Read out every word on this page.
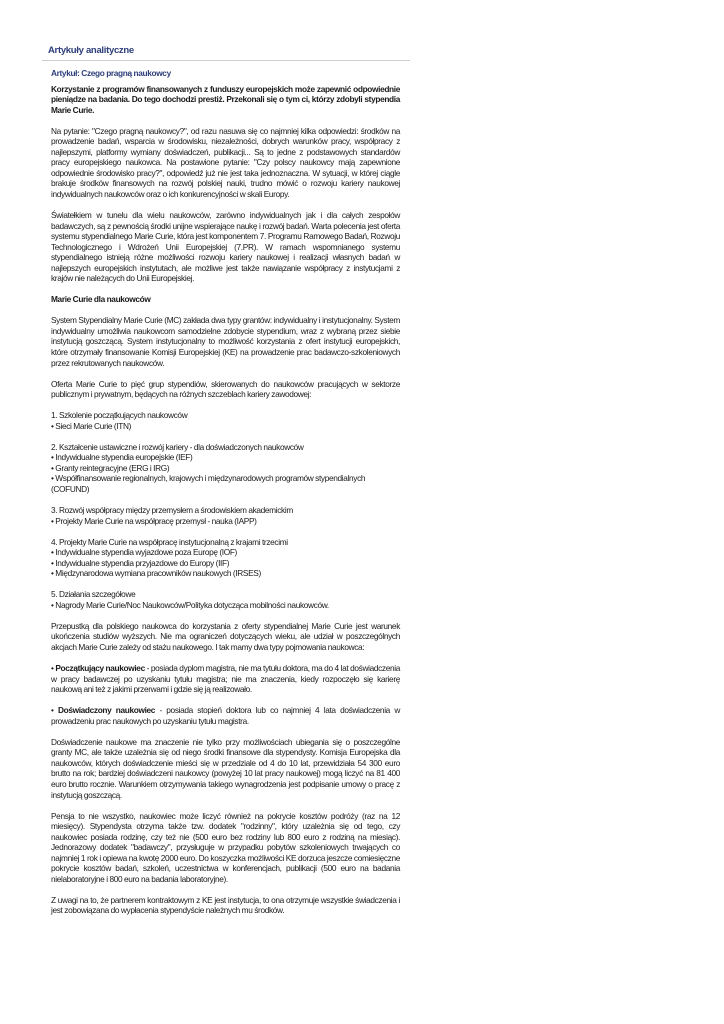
Artykuły analityczne

Artykuł: Czego pragną naukowcy

Korzystanie z programów finansowanych z funduszy europejskich może zapewnić odpowiednie pieniądze na badania. Do tego dochodzi prestiż. Przekonali się o tym ci, którzy zdobyli stypendia Marie Curie.

Na pytanie: "Czego pragną naukowcy?", od razu nasuwa się co najmniej kilka odpowiedzi: środków na prowadzenie badań, wsparcia w środowisku, niezależności, dobrych warunków pracy, współpracy z najlepszymi, platformy wymiany doświadczeń, publikacji... Są to jedne z podstawowych standardów pracy europejskiego naukowca. Na postawione pytanie: "Czy polscy naukowcy mają zapewnione odpowiednie środowisko pracy?", odpowiedź już nie jest taka jednoznaczna. W sytuacji, w której ciągle brakuje środków finansowych na rozwój polskiej nauki, trudno mówić o rozwoju kariery naukowej indywidualnych naukowców oraz o ich konkurencyjności w skali Europy.

Światełkiem w tunelu dla wielu naukowców, zarówno indywidualnych jak i dla całych zespołów badawczych, są z pewnością środki unijne wspierające naukę i rozwój badań. Warta polecenia jest oferta systemu stypendialnego Marie Curie, która jest komponentem 7. Programu Ramowego Badań, Rozwoju Technologicznego i Wdrożeń Unii Europejskiej (7.PR). W ramach wspomnianego systemu stypendialnego istnieją różne możliwości rozwoju kariery naukowej i realizacji własnych badań w najlepszych europejskich instytutach, ale możliwe jest także nawiązanie współpracy z instytucjami z krajów nie należących do Unii Europejskiej.

Marie Curie dla naukowców

System Stypendialny Marie Curie (MC) zakłada dwa typy grantów: indywidualny i instytucjonalny. System indywidualny umożliwia naukowcom samodzielne zdobycie stypendium, wraz z wybraną przez siebie instytucją goszczącą. System instytucjonalny to możliwość korzystania z ofert instytucji europejskich, które otrzymały finansowanie Komisji Europejskiej (KE) na prowadzenie prac badawczo-szkoleniowych przez rekrutowanych naukowców.

Oferta Marie Curie to pięć grup stypendiów, skierowanych do naukowców pracujących w sektorze publicznym i prywatnym, będących na różnych szczeblach kariery zawodowej:

1. Szkolenie początkujących naukowców
• Sieci Marie Curie (ITN)
2. Kształcenie ustawiczne i rozwój kariery - dla doświadczonych naukowców
• Indywidualne stypendia europejskie (IEF)
• Granty reintegracyjne (ERG i IRG)
• Współfinansowanie regionalnych, krajowych i międzynarodowych programów stypendialnych (COFUND)
3. Rozwój współpracy między przemysłem a środowiskiem akademickim
• Projekty Marie Curie na współpracę przemysł - nauka (IAPP)
4. Projekty Marie Curie na współpracę instytucjonalną z krajami trzecimi
• Indywidualne stypendia wyjazdowe poza Europę (IOF)
• Indywidualne stypendia przyjazdowe do Europy (IIF)
• Międzynarodowa wymiana pracowników naukowych (IRSES)
5. Działania szczegółowe
• Nagrody Marie Curie/Noc Naukowców/Polityka dotycząca mobilności naukowców.

Przepustką dla polskiego naukowca do korzystania z oferty stypendialnej Marie Curie jest warunek ukończenia studiów wyższych. Nie ma ograniczeń dotyczących wieku, ale udział w poszczególnych akcjach Marie Curie zależy od stażu naukowego. I tak mamy dwa typy pojmowania naukowca:

• Początkujący naukowiec - posiada dyplom magistra, nie ma tytułu doktora, ma do 4 lat doświadczenia w pracy badawczej po uzyskaniu tytułu magistra; nie ma znaczenia, kiedy rozpoczęło się karierę naukową ani też z jakimi przerwami i gdzie się ją realizowało.

• Doświadczony naukowiec - posiada stopień doktora lub co najmniej 4 lata doświadczenia w prowadzeniu prac naukowych po uzyskaniu tytułu magistra.

Doświadczenie naukowe ma znaczenie nie tylko przy możliwościach ubiegania się o poszczególne granty MC, ale także uzależnia się od niego środki finansowe dla stypendysty. Komisja Europejska dla naukowców, których doświadczenie mieści się w przedziale od 4 do 10 lat, przewidziała 54 300 euro brutto na rok; bardziej doświadczeni naukowcy (powyżej 10 lat pracy naukowej) mogą liczyć na 81 400 euro brutto rocznie. Warunkiem otrzymywania takiego wynagrodzenia jest podpisanie umowy o pracę z instytucją goszczącą.

Pensja to nie wszystko, naukowiec może liczyć również na pokrycie kosztów podróży (raz na 12 miesięcy). Stypendysta otrzyma także tzw. dodatek "rodzinny", który uzależnia się od tego, czy naukowiec posiada rodzinę, czy też nie (500 euro bez rodziny lub 800 euro z rodziną na miesiąc). Jednorazowy dodatek "badawczy", przysługuje w przypadku pobytów szkoleniowych trwających co najmniej 1 rok i opiewa na kwotę 2000 euro. Do koszyczka możliwości KE dorzuca jeszcze comiesięczne pokrycie kosztów badań, szkoleń, uczestnictwa w konferencjach, publikacji (500 euro na badania nielaboratoryjne i 800 euro na badania laboratoryjne).

Z uwagi na to, że partnerem kontraktowym z KE jest instytucja, to ona otrzymuje wszystkie świadczenia i jest zobowiązana do wypłacenia stypendyście należnych mu środków.
